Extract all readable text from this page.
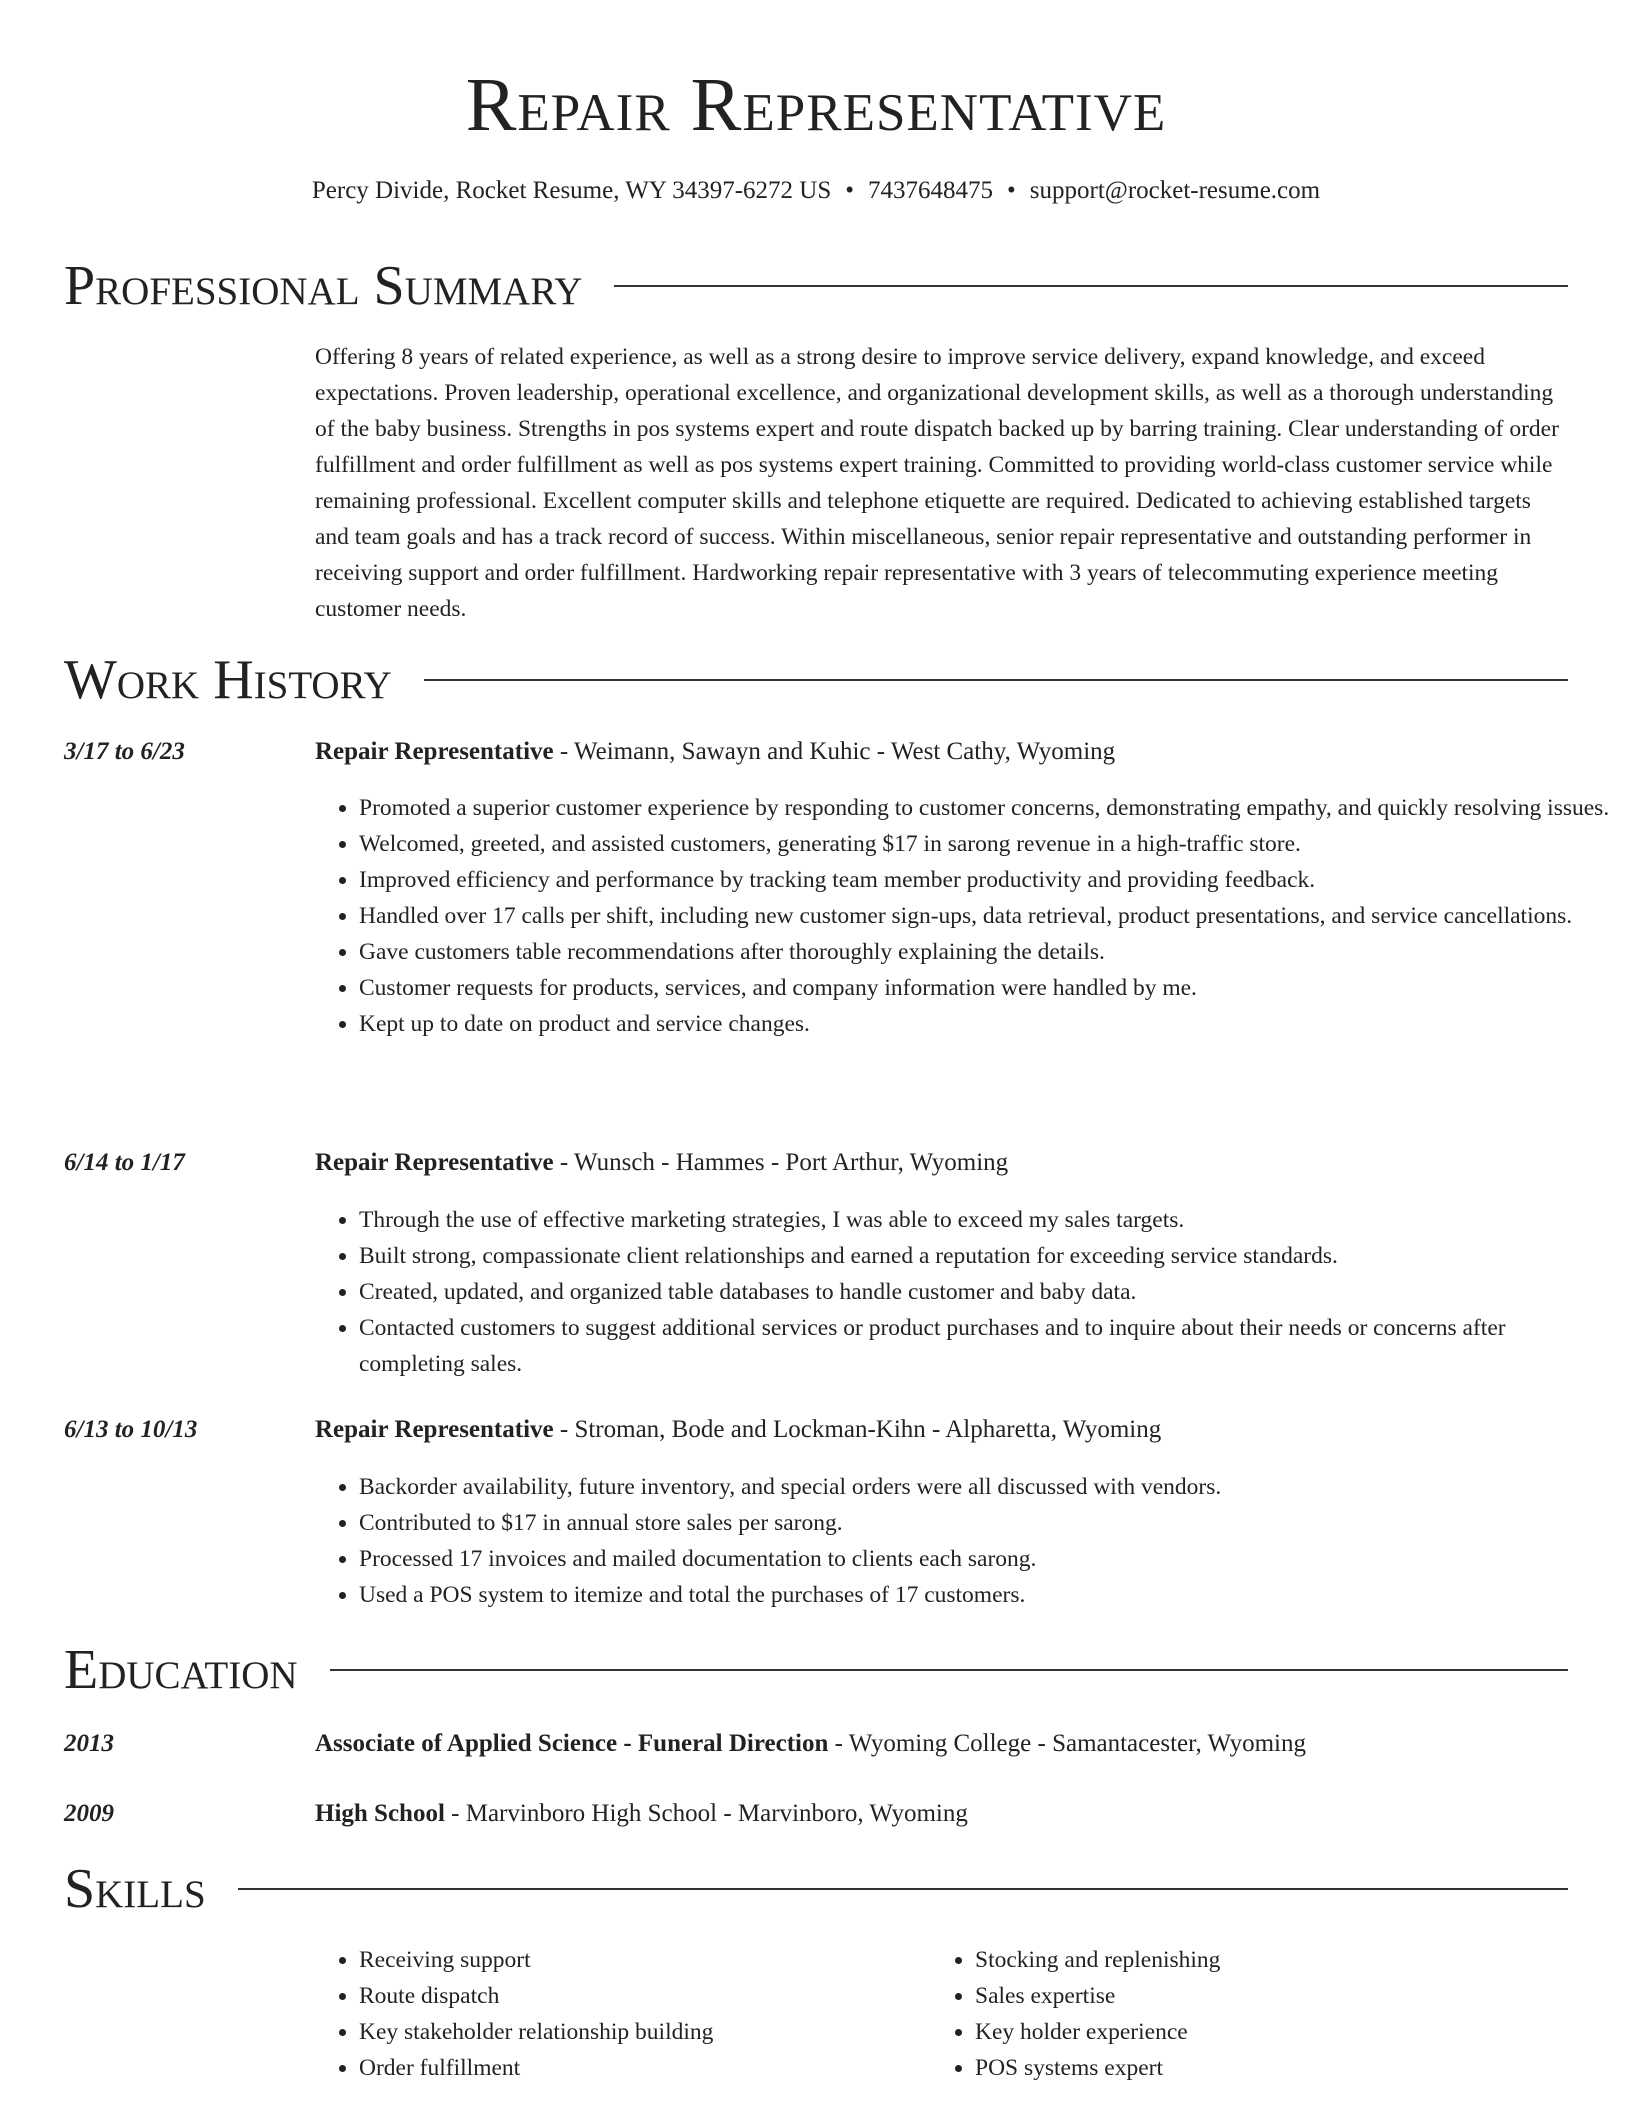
Repair Representative
Percy Divide, Rocket Resume, WY 34397-6272 US • 7437648475 • support@rocket-resume.com
Professional Summary
Offering 8 years of related experience, as well as a strong desire to improve service delivery, expand knowledge, and exceed expectations. Proven leadership, operational excellence, and organizational development skills, as well as a thorough understanding of the baby business. Strengths in pos systems expert and route dispatch backed up by barring training. Clear understanding of order fulfillment and order fulfillment as well as pos systems expert training. Committed to providing world-class customer service while remaining professional. Excellent computer skills and telephone etiquette are required. Dedicated to achieving established targets and team goals and has a track record of success. Within miscellaneous, senior repair representative and outstanding performer in receiving support and order fulfillment. Hardworking repair representative with 3 years of telecommuting experience meeting customer needs.
Work History
3/17 to 6/23	Repair Representative - Weimann, Sawayn and Kuhic - West Cathy, Wyoming
• Promoted a superior customer experience by responding to customer concerns, demonstrating empathy, and quickly resolving issues.
• Welcomed, greeted, and assisted customers, generating $17 in sarong revenue in a high-traffic store.
• Improved efficiency and performance by tracking team member productivity and providing feedback.
• Handled over 17 calls per shift, including new customer sign-ups, data retrieval, product presentations, and service cancellations.
• Gave customers table recommendations after thoroughly explaining the details.
• Customer requests for products, services, and company information were handled by me.
• Kept up to date on product and service changes.
6/14 to 1/17	Repair Representative - Wunsch - Hammes - Port Arthur, Wyoming
• Through the use of effective marketing strategies, I was able to exceed my sales targets.
• Built strong, compassionate client relationships and earned a reputation for exceeding service standards.
• Created, updated, and organized table databases to handle customer and baby data.
• Contacted customers to suggest additional services or product purchases and to inquire about their needs or concerns after completing sales.
6/13 to 10/13	Repair Representative - Stroman, Bode and Lockman-Kihn - Alpharetta, Wyoming
• Backorder availability, future inventory, and special orders were all discussed with vendors.
• Contributed to $17 in annual store sales per sarong.
• Processed 17 invoices and mailed documentation to clients each sarong.
• Used a POS system to itemize and total the purchases of 17 customers.
Education
2013	Associate of Applied Science - Funeral Direction - Wyoming College - Samantacester, Wyoming
2009	High School - Marvinboro High School - Marvinboro, Wyoming
Skills
• Receiving support
• Route dispatch
• Key stakeholder relationship building
• Order fulfillment
• Stocking and replenishing
• Sales expertise
• Key holder experience
• POS systems expert
